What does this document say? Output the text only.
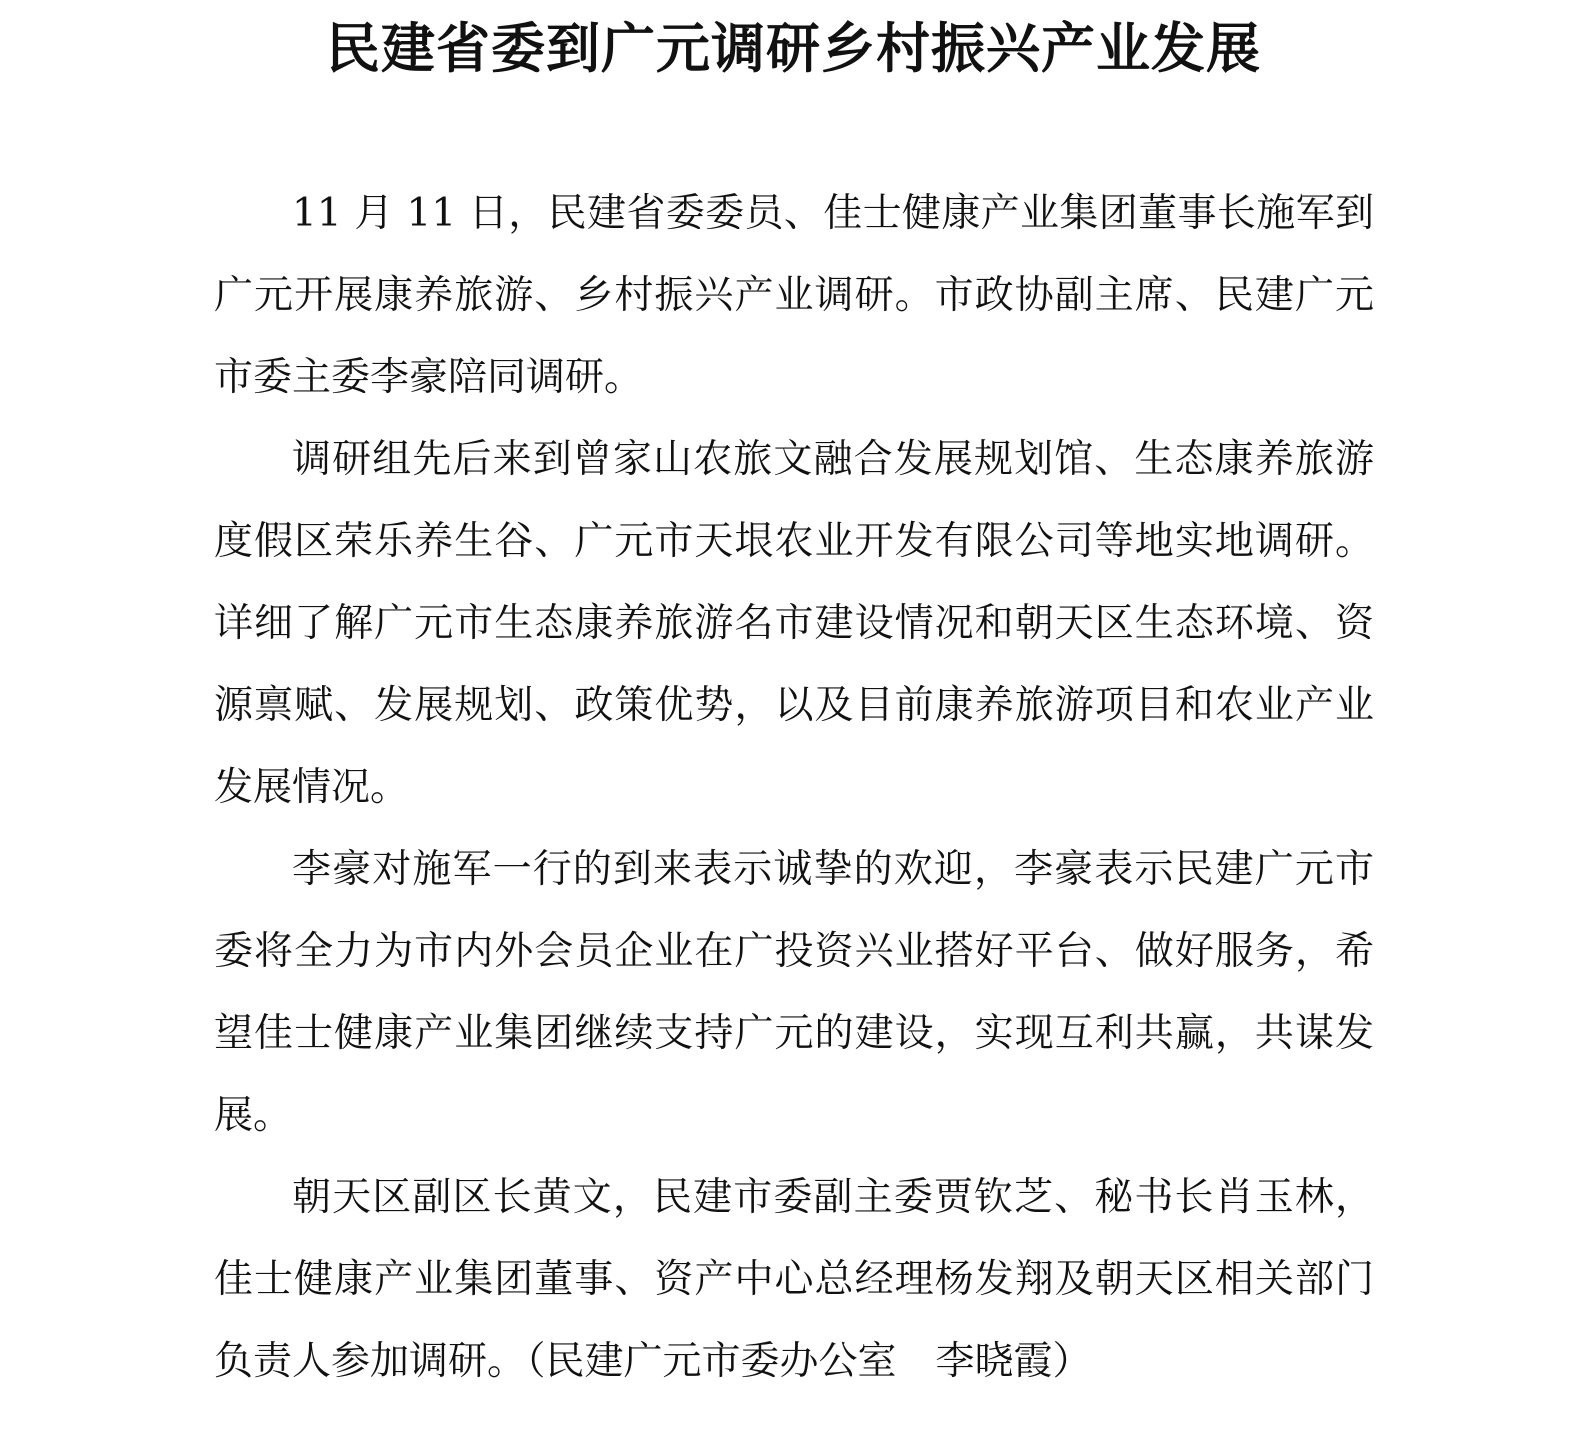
民建省委到广元调研乡村振兴产业发展

11 月 11 日，民建省委委员、佳士健康产业集团董事长施军到广元开展康养旅游、乡村振兴产业调研。市政协副主席、民建广元市委主委李豪陪同调研。

调研组先后来到曾家山农旅文融合发展规划馆、生态康养旅游度假区荣乐养生谷、广元市天垠农业开发有限公司等地实地调研。详细了解广元市生态康养旅游名市建设情况和朝天区生态环境、资源禀赋、发展规划、政策优势，以及目前康养旅游项目和农业产业发展情况。

李豪对施军一行的到来表示诚挚的欢迎，李豪表示民建广元市委将全力为市内外会员企业在广投资兴业搭好平台、做好服务，希望佳士健康产业集团继续支持广元的建设，实现互利共赢，共谋发展。

朝天区副区长黄文，民建市委副主委贾钦芝、秘书长肖玉林，佳士健康产业集团董事、资产中心总经理杨发翔及朝天区相关部门负责人参加调研。（民建广元市委办公室　李晓霞）
